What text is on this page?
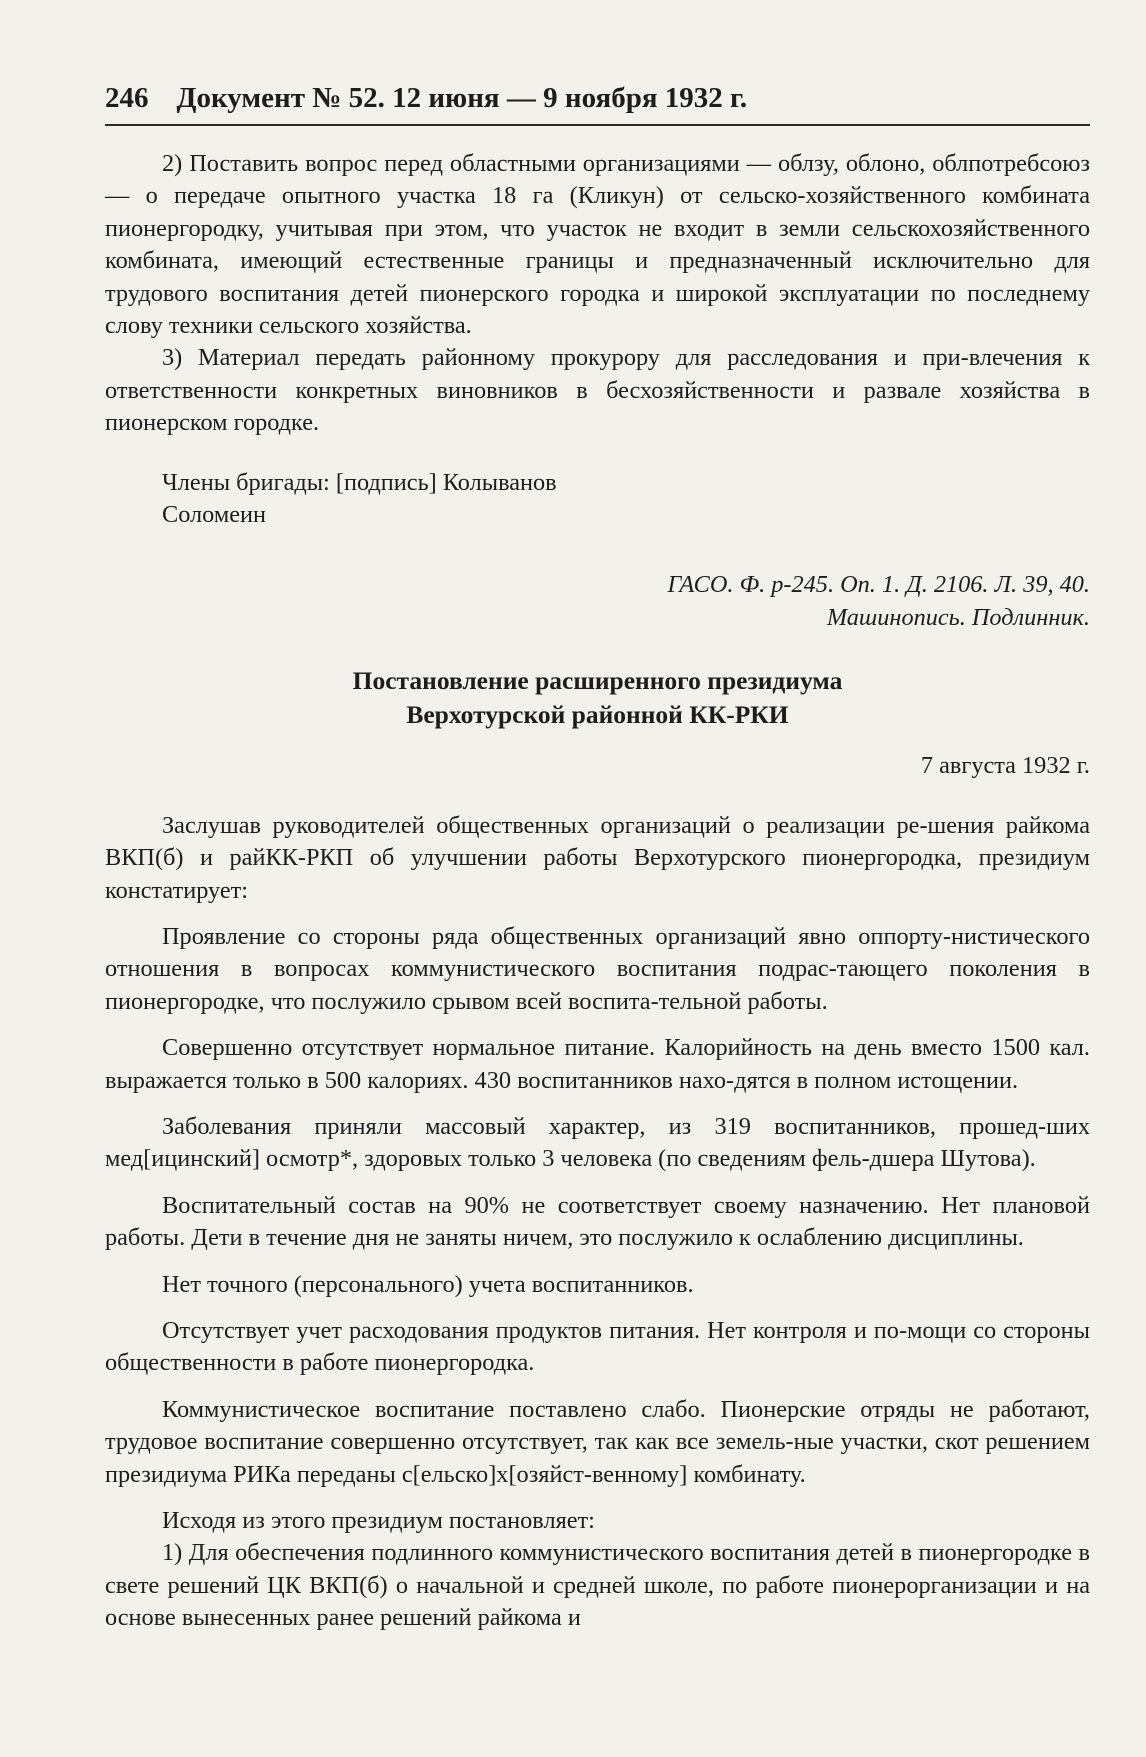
246 Документ № 52. 12 июня — 9 ноября 1932 г.

2) Поставить вопрос перед областными организациями — облзу, облоно, облпотребсоюз — о передаче опытного участка 18 га (Кликун) от сельско-хозяйственного комбината пионергородку, учитывая при этом, что участок не входит в земли сельскохозяйственного комбината, имеющий естественные границы и предназначенный исключительно для трудового воспитания детей пионерского городка и широкой эксплуатации по последнему слову техники сельского хозяйства.

3) Материал передать районному прокурору для расследования и при-влечения к ответственности конкретных виновников в бесхозяйственности и развале хозяйства в пионерском городке.

Члены бригады: [подпись] Колыванов

Соломеин

ГАСО. Ф. р-245. Оп. 1. Д. 2106. Л. 39, 40.
Машинопись. Подлинник.
Постановление расширенного президиума
Верхотурской районной КК-РКИ
7 августа 1932 г.

Заслушав руководителей общественных организаций о реализации ре-шения райкома ВКП(б) и райКК-РКП об улучшении работы Верхотурского пионергородка, президиум констатирует:

Проявление со стороны ряда общественных организаций явно оппорту-нистического отношения в вопросах коммунистического воспитания подрас-тающего поколения в пионергородке, что послужило срывом всей воспита-тельной работы.

Совершенно отсутствует нормальное питание. Калорийность на день вместо 1500 кал. выражается только в 500 калориях. 430 воспитанников нахо-дятся в полном истощении.

Заболевания приняли массовый характер, из 319 воспитанников, прошед-ших мед[ицинский] осмотр*, здоровых только 3 человека (по сведениям фель-дшера Шутова).

Воспитательный состав на 90% не соответствует своему назначению. Нет плановой работы. Дети в течение дня не заняты ничем, это послужило к ослаблению дисциплины.

Нет точного (персонального) учета воспитанников.

Отсутствует учет расходования продуктов питания. Нет контроля и по-мощи со стороны общественности в работе пионергородка.

Коммунистическое воспитание поставлено слабо. Пионерские отряды не работают, трудовое воспитание совершенно отсутствует, так как все земель-ные участки, скот решением президиума РИКа переданы с[ельско]х[озяйст-венному] комбинату.

Исходя из этого президиум постановляет:

1) Для обеспечения подлинного коммунистического воспитания детей в пионергородке в свете решений ЦК ВКП(б) о начальной и средней школе, по работе пионерорганизации и на основе вынесенных ранее решений райкома и
